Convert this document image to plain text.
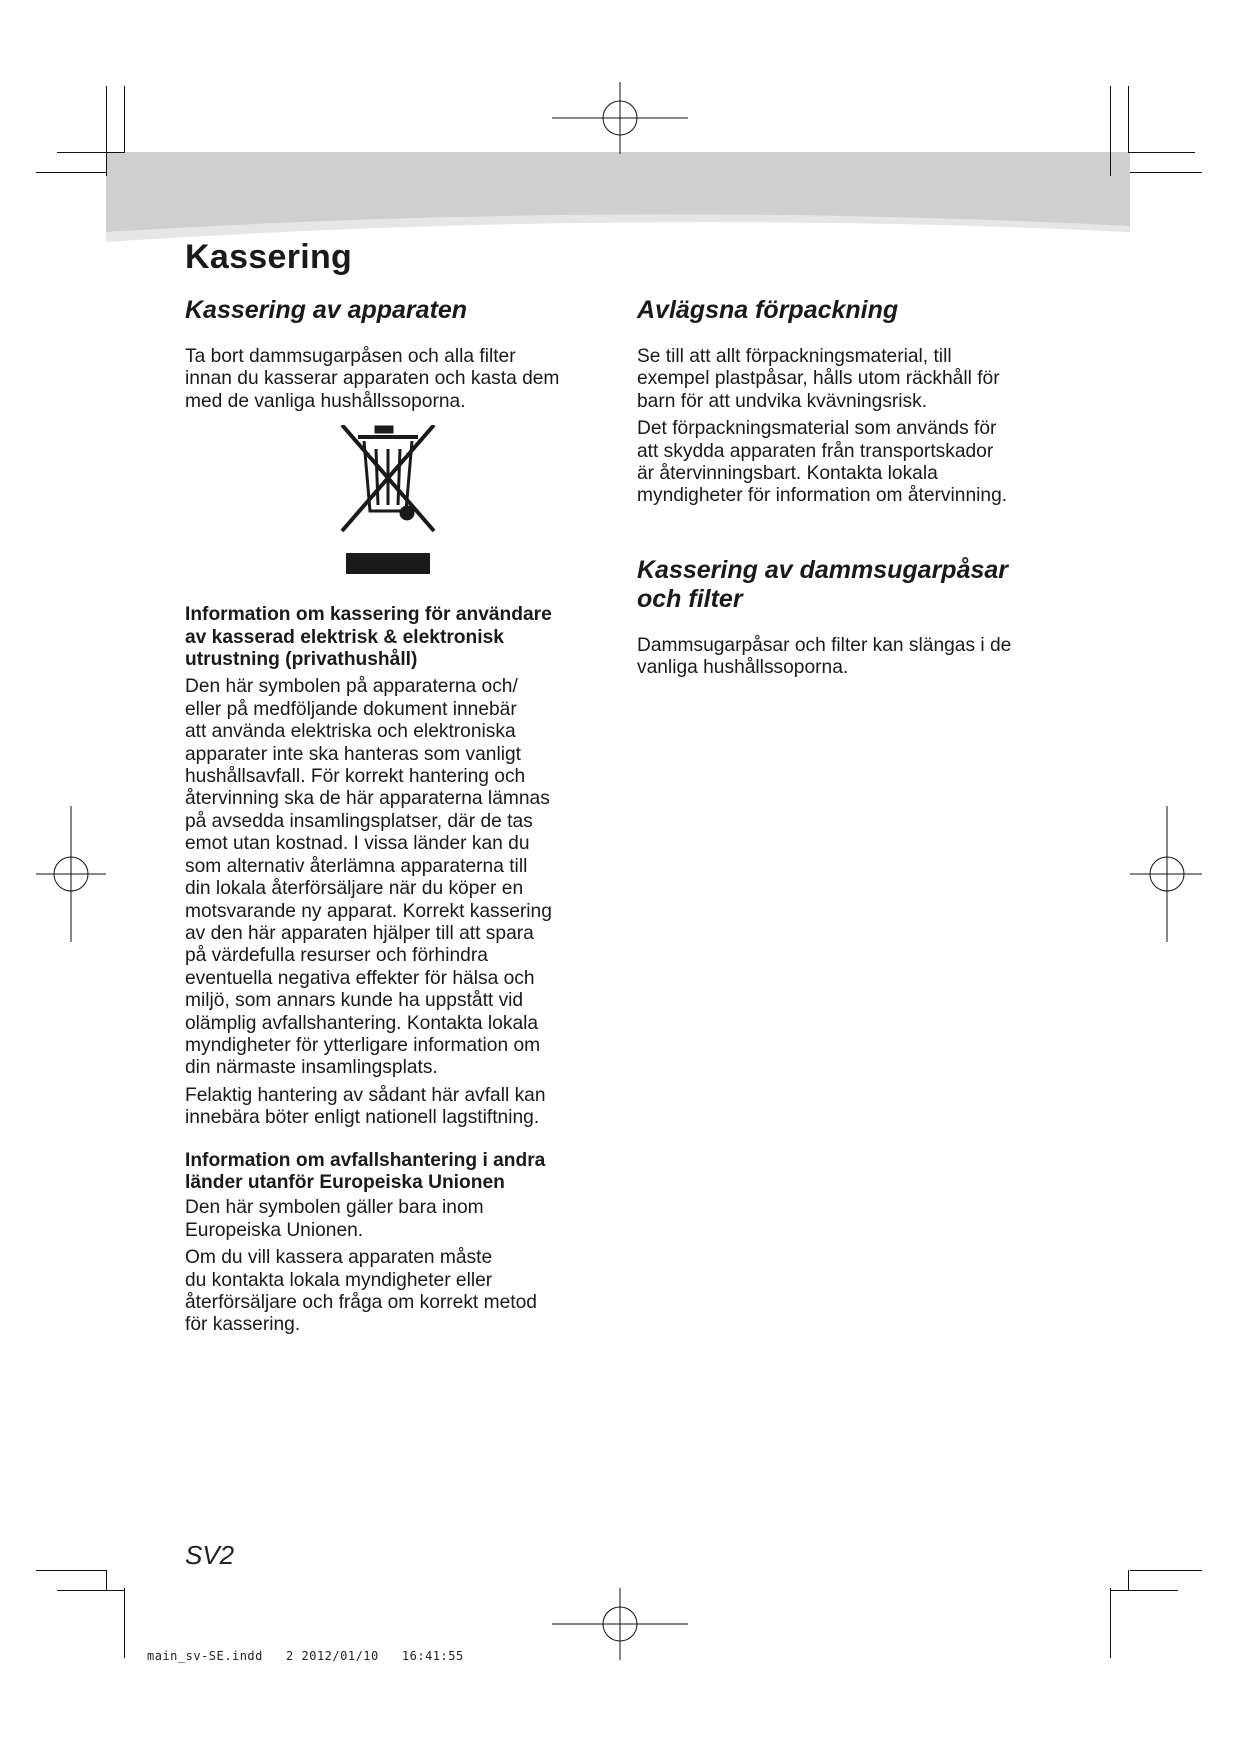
Kassering
Kassering av apparaten

Ta bort dammsugarpåsen och alla filter
innan du kasserar apparaten och kasta dem
med de vanliga hushållssoporna.

Information om kassering för användare
av kasserad elektrisk & elektronisk
utrustning (privathushåll)

Den här symbolen på apparaterna och/
eller på medföljande dokument innebär
att använda elektriska och elektroniska
apparater inte ska hanteras som vanligt
hushållsavfall. För korrekt hantering och
återvinning ska de här apparaterna lämnas
på avsedda insamlingsplatser, där de tas
emot utan kostnad. I vissa länder kan du
som alternativ återlämna apparaterna till
din lokala återförsäljare när du köper en
motsvarande ny apparat. Korrekt kassering
av den här apparaten hjälper till att spara
på värdefulla resurser och förhindra
eventuella negativa effekter för hälsa och
miljö, som annars kunde ha uppstått vid
olämplig avfallshantering. Kontakta lokala
myndigheter för ytterligare information om
din närmaste insamlingsplats.

Felaktig hantering av sådant här avfall kan
innebära böter enligt nationell lagstiftning.

Information om avfallshantering i andra
länder utanför Europeiska Unionen

Den här symbolen gäller bara inom
Europeiska Unionen.

Om du vill kassera apparaten måste
du kontakta lokala myndigheter eller
återförsäljare och fråga om korrekt metod
för kassering.

Avlägsna förpackning

Se till att allt förpackningsmaterial, till
exempel plastpåsar, hålls utom räckhåll för
barn för att undvika kvävningsrisk.

Det förpackningsmaterial som används för
att skydda apparaten från transportskador
är återvinningsbart. Kontakta lokala
myndigheter för information om återvinning.

Kassering av dammsugarpåsar
och filter

Dammsugarpåsar och filter kan slängas i de
vanliga hushållssoporna.

SV2
main_sv-SE.indd   2 2012/01/10   16:41:55
